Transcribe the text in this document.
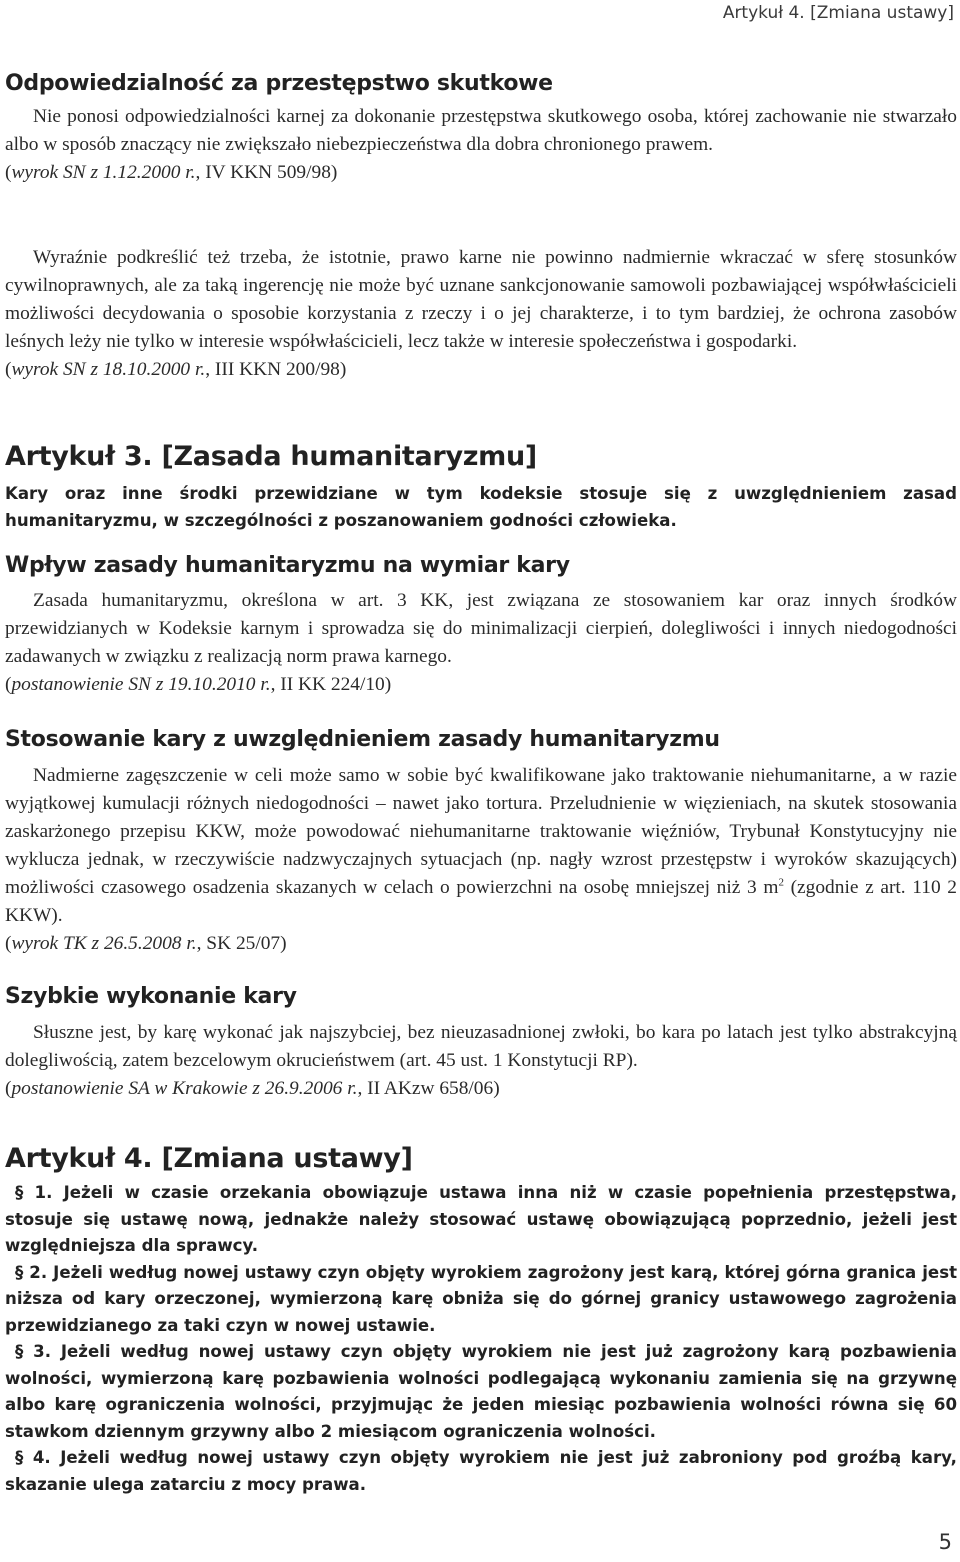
Artykuł 4. [Zmiana ustawy]
Odpowiedzialność za przestępstwo skutkowe

Nie ponosi odpowiedzialności karnej za dokonanie przestępstwa skutkowego osoba, której zachowanie nie stwarzało albo w sposób znaczący nie zwiększało niebezpieczeństwa dla dobra chronionego prawem.

(wyrok SN z 1.12.2000 r., IV KKN 509/98)

Wyraźnie podkreślić też trzeba, że istotnie, prawo karne nie powinno nadmiernie wkraczać w sferę stosunków cywilnoprawnych, ale za taką ingerencję nie może być uznane sankcjonowanie samowoli pozbawiającej współwłaścicieli możliwości decydowania o sposobie korzystania z rzeczy i o jej charakterze, i to tym bardziej, że ochrona zasobów leśnych leży nie tylko w interesie współwłaścicieli, lecz także w interesie społeczeństwa i gospodarki.

(wyrok SN z 18.10.2000 r., III KKN 200/98)

Artykuł 3. [Zasada humanitaryzmu]

Kary oraz inne środki przewidziane w tym kodeksie stosuje się z uwzględnieniem zasad humanitaryzmu, w szczególności z poszanowaniem godności człowieka.

Wpływ zasady humanitaryzmu na wymiar kary

Zasada humanitaryzmu, określona w art. 3 KK, jest związana ze stosowaniem kar oraz innych środków przewidzianych w Kodeksie karnym i sprowadza się do minimalizacji cierpień, dolegliwości i innych niedogodności zadawanych w związku z realizacją norm prawa karnego.

(postanowienie SN z 19.10.2010 r., II KK 224/10)

Stosowanie kary z uwzględnieniem zasady humanitaryzmu

Nadmierne zagęszczenie w celi może samo w sobie być kwalifikowane jako traktowanie niehumanitarne, a w razie wyjątkowej kumulacji różnych niedogodności – nawet jako tortura. Przeludnienie w więzieniach, na skutek stosowania zaskarżonego przepisu KKW, może powodować niehumanitarne traktowanie więźniów, Trybunał Konstytucyjny nie wyklucza jednak, w rzeczywiście nadzwyczajnych sytuacjach (np. nagły wzrost przestępstw i wyroków skazujących) możliwości czasowego osadzenia skazanych w celach o powierzchni na osobę mniejszej niż 3 $m^2$ (zgodnie z art. 110 2 KKW).

(wyrok TK z 26.5.2008 r., SK 25/07)

Szybkie wykonanie kary

Słuszne jest, by karę wykonać jak najszybciej, bez nieuzasadnionej zwłoki, bo kara po latach jest tylko abstrakcyjną dolegliwością, zatem bezcelowym okrucieństwem (art. 45 ust. 1 Konstytucji RP).

(postanowienie SA w Krakowie z 26.9.2006 r., II AKzw 658/06)

Artykuł 4. [Zmiana ustawy]

§ 1. Jeżeli w czasie orzekania obowiązuje ustawa inna niż w czasie popełnienia przestępstwa, stosuje się ustawę nową, jednakże należy stosować ustawę obowiązującą poprzednio, jeżeli jest względniejsza dla sprawcy.

§ 2. Jeżeli według nowej ustawy czyn objęty wyrokiem zagrożony jest karą, której górna granica jest niższa od kary orzeczonej, wymierzoną karę obniża się do górnej granicy ustawowego zagrożenia przewidzianego za taki czyn w nowej ustawie.

§ 3. Jeżeli według nowej ustawy czyn objęty wyrokiem nie jest już zagrożony karą pozbawienia wolności, wymierzoną karę pozbawienia wolności podlegającą wykonaniu zamienia się na grzywnę albo karę ograniczenia wolności, przyjmując że jeden miesiąc pozbawienia wolności równa się 60 stawkom dziennym grzywny albo 2 miesiącom ograniczenia wolności.

§ 4. Jeżeli według nowej ustawy czyn objęty wyrokiem nie jest już zabroniony pod groźbą kary, skazanie ulega zatarciu z mocy prawa.

5
